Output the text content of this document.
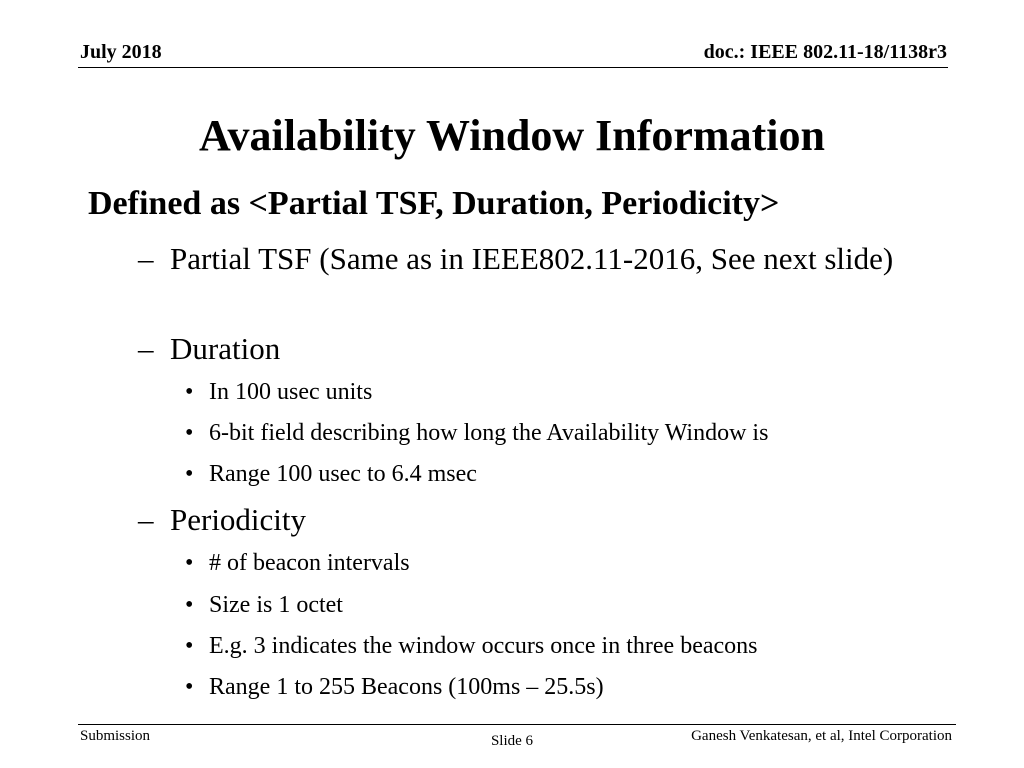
July 2018	doc.: IEEE 802.11-18/1138r3
Availability Window Information
Defined as <Partial TSF, Duration, Periodicity>
– Partial TSF (Same as in IEEE802.11-2016, See next slide)
– Duration
• In 100 usec units
• 6-bit field describing how long the Availability Window is
• Range 100 usec to 6.4 msec
– Periodicity
• # of beacon intervals
• Size is 1 octet
• E.g. 3 indicates the window occurs once in three beacons
• Range 1 to 255 Beacons (100ms – 25.5s)
Submission	Slide 6	Ganesh Venkatesan, et al, Intel Corporation
